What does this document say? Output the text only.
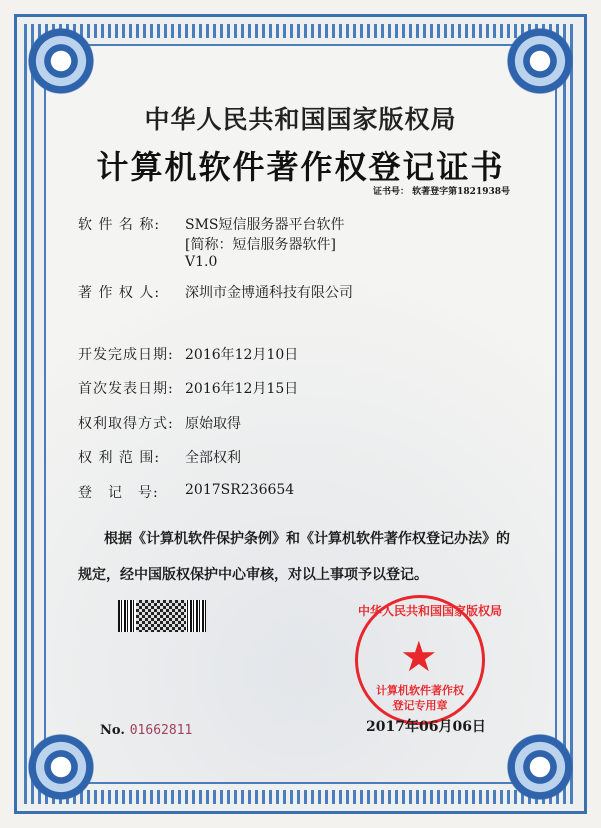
中华人民共和国国家版权局
计算机软件著作权登记证书
证书号： 软著登字第1821938号
软 件 名 称: SMS短信服务器平台软件
[简称：短信服务器软件]
V1.0
著 作 权 人: 深圳市金博通科技有限公司
开发完成日期: 2016年12月10日
首次发表日期: 2016年12月15日
权利取得方式: 原始取得
权 利 范 围: 全部权利
登　记　号: 2017SR236654
根据《计算机软件保护条例》和《计算机软件著作权登记办法》的
规定，经中国版权保护中心审核，对以上事项予以登记。
中华人民共和国国家版权局
★
计算机软件著作权
登记专用章
2017年06月06日
No. 01662811
